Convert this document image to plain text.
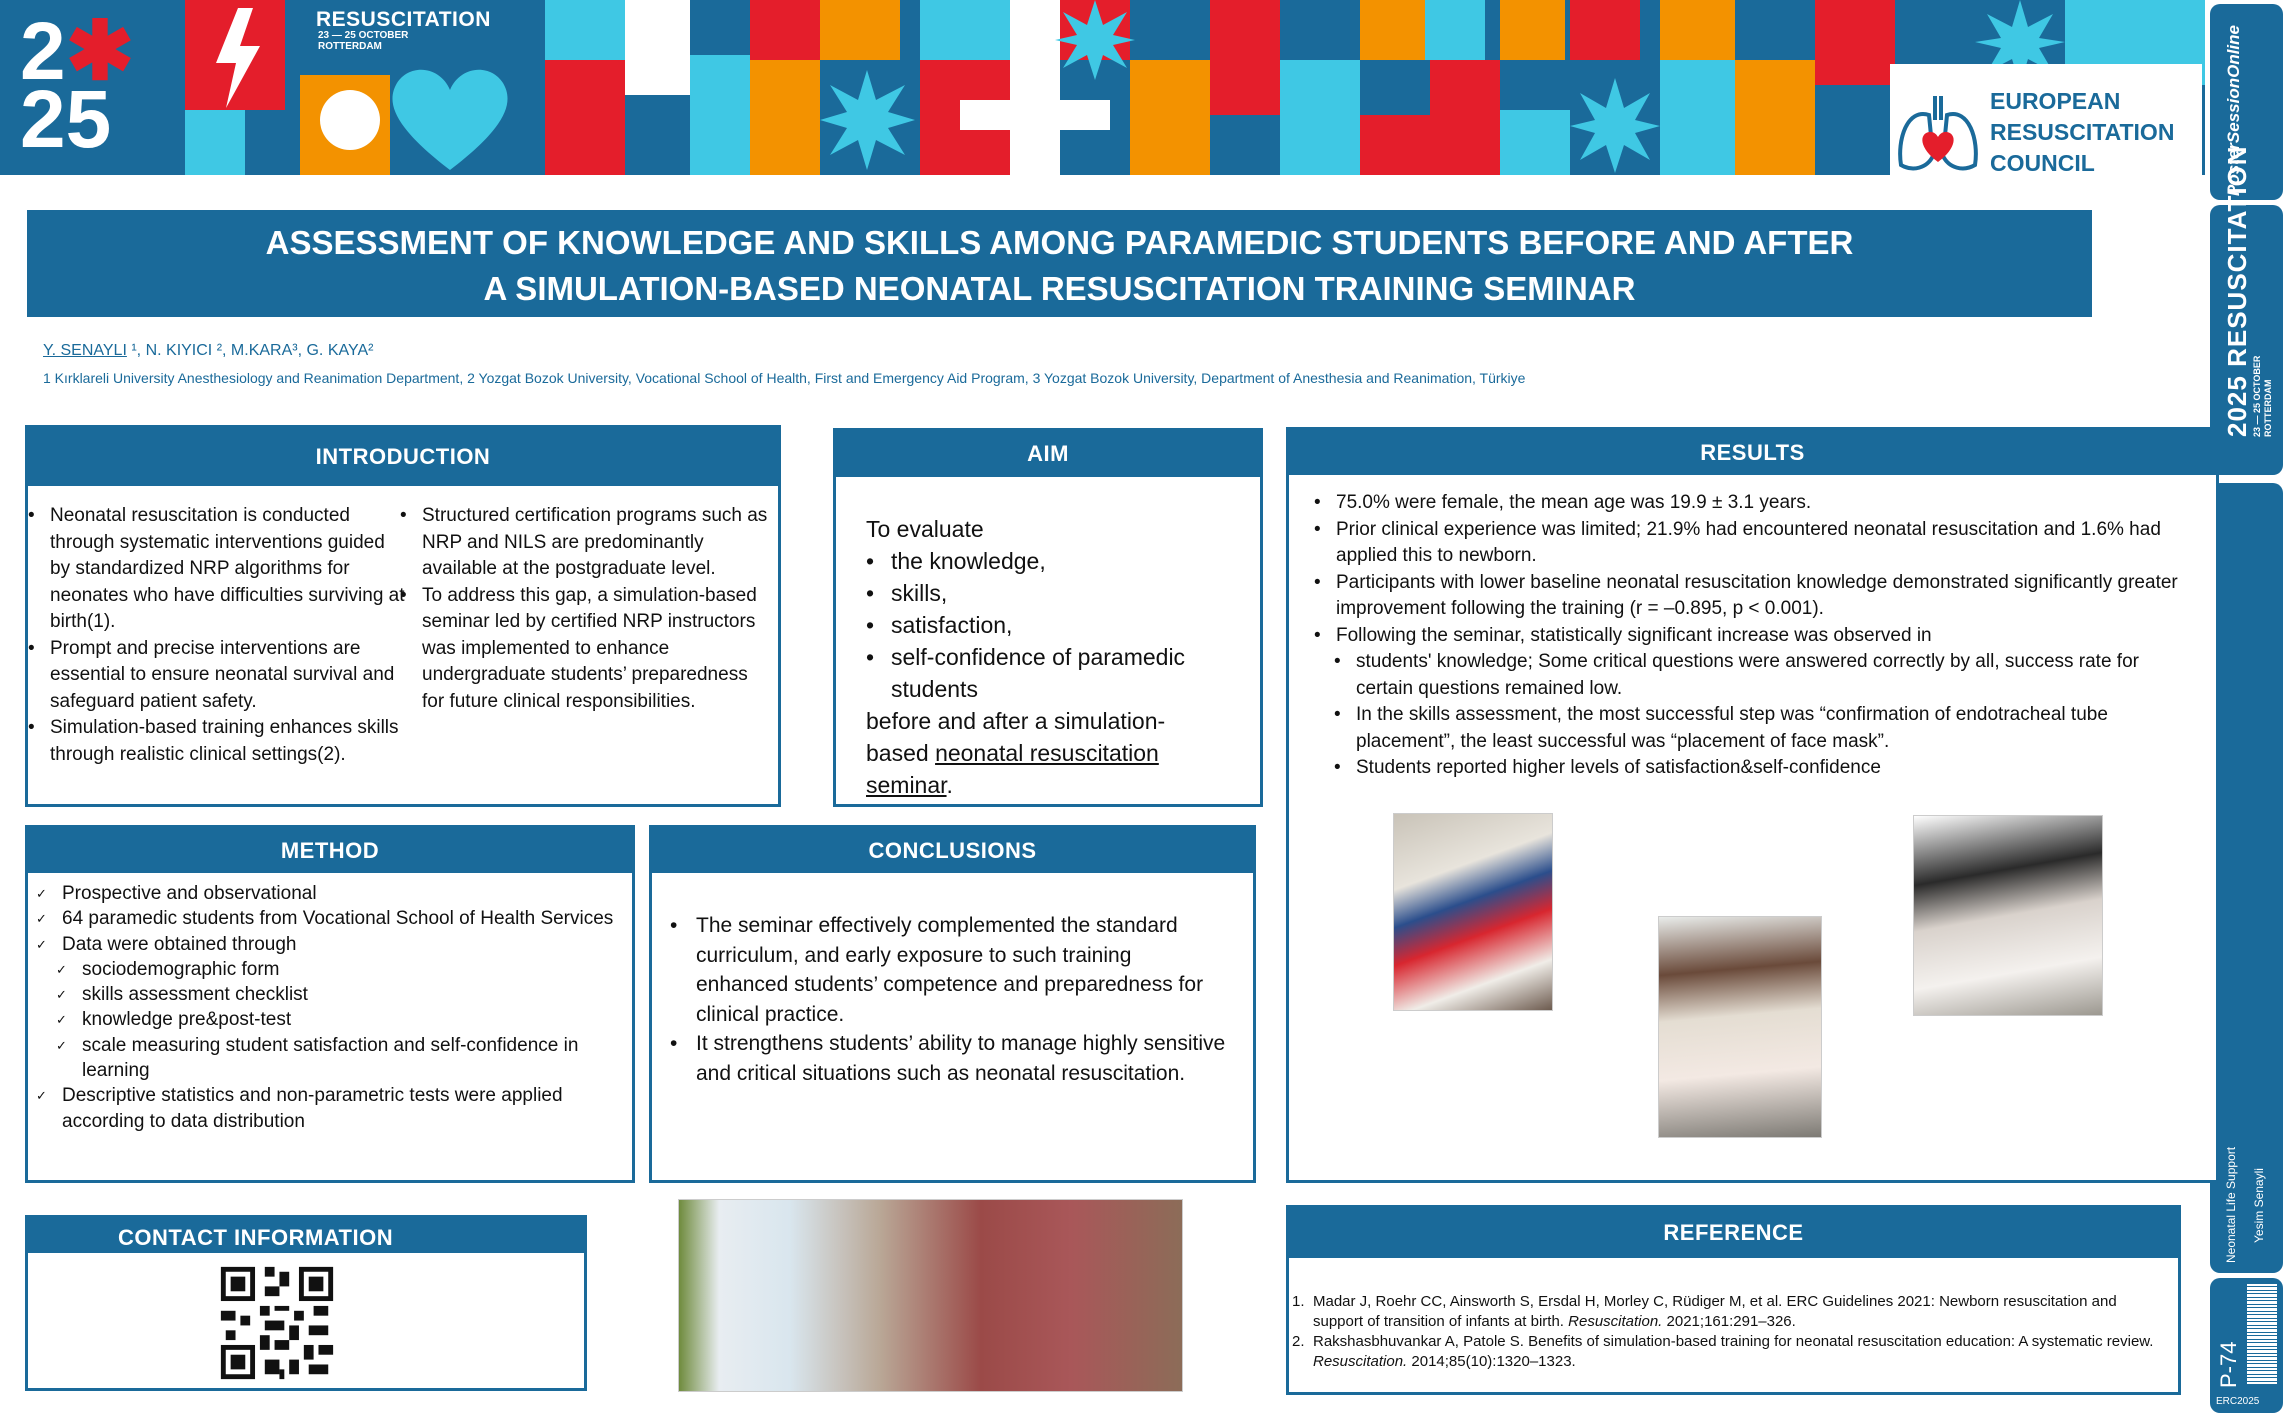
2✱
25
RESUSCITATION
23 — 25 OCTOBER
ROTTERDAM
EUROPEAN
RESUSCITATION
COUNCIL	PosterSessionOnline
2025 RESUSCITATION
23 — 25 OCTOBER ROTTERDAM
Neonatal Life Support Yesim Senayli
P-74
ERC2025
ASSESSMENT OF KNOWLEDGE AND SKILLS AMONG PARAMEDIC STUDENTS BEFORE AND AFTER
A SIMULATION-BASED NEONATAL RESUSCITATION TRAINING SEMINAR
Y. SENAYLI ¹, N. KIYICI ², M.KARA³, G. KAYA²
1 Kırklareli University Anesthesiology and Reanimation Department, 2 Yozgat Bozok University, Vocational School of Health, First and Emergency Aid Program, 3 Yozgat Bozok University, Department of Anesthesia and Reanimation, Türkiye
INTRODUCTION
• Neonatal resuscitation is conducted through systematic interventions guided by standardized NRP algorithms for neonates who have difficulties surviving at birth(1).
• Prompt and precise interventions are essential to ensure neonatal survival and safeguard patient safety.
• Simulation-based training enhances skills through realistic clinical settings(2).
• Structured certification programs such as NRP and NILS are predominantly available at the postgraduate level.
• To address this gap, a simulation-based seminar led by certified NRP instructors was implemented to enhance undergraduate students’ preparedness for future clinical responsibilities.
AIM
To evaluate
• the knowledge,
• skills,
• satisfaction,
• self-confidence of paramedic students
before and after a simulation-based neonatal resuscitation seminar.
RESULTS
• 75.0% were female, the mean age was 19.9 ± 3.1 years.
• Prior clinical experience was limited; 21.9% had encountered neonatal resuscitation and 1.6% had applied this to newborn.
• Participants with lower baseline neonatal resuscitation knowledge demonstrated significantly greater improvement following the training (r = –0.895, p < 0.001).
• Following the seminar, statistically significant increase was observed in
• students' knowledge; Some critical questions were answered correctly by all, success rate for certain questions remained low.
• In the skills assessment, the most successful step was “confirmation of endotracheal tube placement”, the least successful was “placement of face mask”.
• Students reported higher levels of satisfaction&self-confidence
METHOD
✓ Prospective and observational
✓ 64 paramedic students from Vocational School of Health Services
✓ Data were obtained through
✓ sociodemographic form
✓ skills assessment checklist
✓ knowledge pre&post-test
✓ scale measuring student satisfaction and self-confidence in learning
✓ Descriptive statistics and non-parametric tests were applied according to data distribution
CONCLUSIONS
• The seminar effectively complemented the standard curriculum, and early exposure to such training enhanced students’ competence and preparedness for clinical practice.
• It strengthens students’ ability to manage highly sensitive and critical situations such as neonatal resuscitation.
CONTACT INFORMATION	REFERENCE
1. Madar J, Roehr CC, Ainsworth S, Ersdal H, Morley C, Rüdiger M, et al. ERC Guidelines 2021: Newborn resuscitation and support of transition of infants at birth. Resuscitation. 2021;161:291–326.
2. Rakshasbhuvankar A, Patole S. Benefits of simulation-based training for neonatal resuscitation education: A systematic review. Resuscitation. 2014;85(10):1320–1323.
